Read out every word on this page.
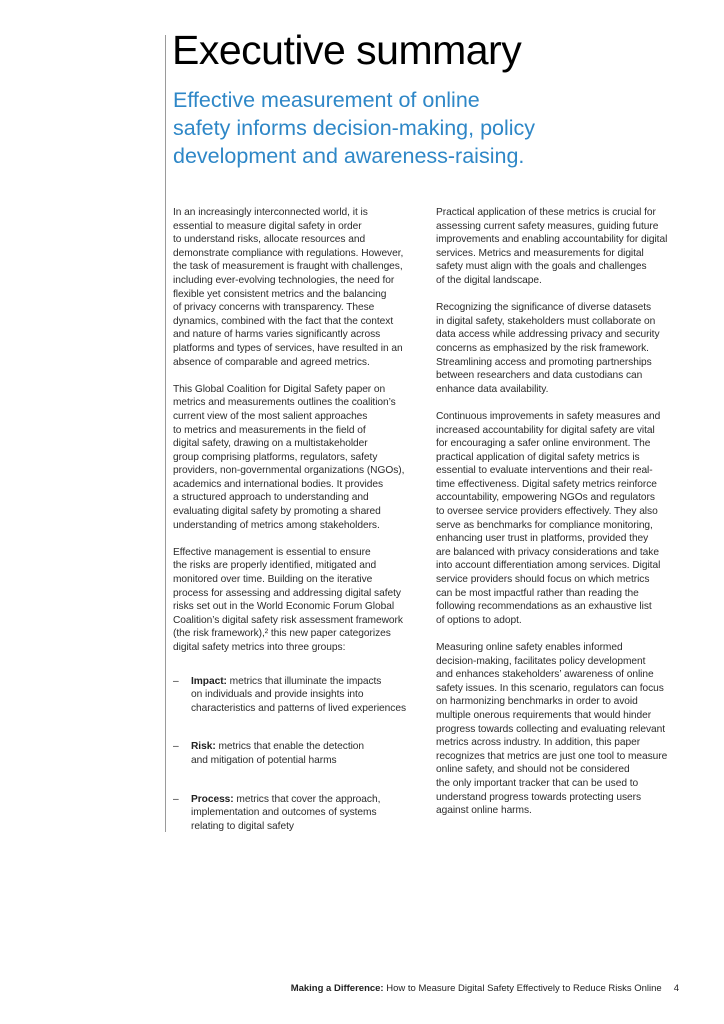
Executive summary
Effective measurement of online
safety informs decision-making, policy
development and awareness-raising.
In an increasingly interconnected world, it is
essential to measure digital safety in order
to understand risks, allocate resources and
demonstrate compliance with regulations. However,
the task of measurement is fraught with challenges,
including ever-evolving technologies, the need for
flexible yet consistent metrics and the balancing
of privacy concerns with transparency. These
dynamics, combined with the fact that the context
and nature of harms varies significantly across
platforms and types of services, have resulted in an
absence of comparable and agreed metrics.
This Global Coalition for Digital Safety paper on
metrics and measurements outlines the coalition’s
current view of the most salient approaches
to metrics and measurements in the field of
digital safety, drawing on a multistakeholder
group comprising platforms, regulators, safety
providers, non-governmental organizations (NGOs),
academics and international bodies. It provides
a structured approach to understanding and
evaluating digital safety by promoting a shared
understanding of metrics among stakeholders.
Effective management is essential to ensure
the risks are properly identified, mitigated and
monitored over time. Building on the iterative
process for assessing and addressing digital safety
risks set out in the World Economic Forum Global
Coalition’s digital safety risk assessment framework
(the risk framework),² this new paper categorizes
digital safety metrics into three groups:
– Impact: metrics that illuminate the impacts
on individuals and provide insights into
characteristics and patterns of lived experiences
– Risk: metrics that enable the detection
and mitigation of potential harms
– Process: metrics that cover the approach,
implementation and outcomes of systems
relating to digital safety
Practical application of these metrics is crucial for
assessing current safety measures, guiding future
improvements and enabling accountability for digital
services. Metrics and measurements for digital
safety must align with the goals and challenges
of the digital landscape.
Recognizing the significance of diverse datasets
in digital safety, stakeholders must collaborate on
data access while addressing privacy and security
concerns as emphasized by the risk framework.
Streamlining access and promoting partnerships
between researchers and data custodians can
enhance data availability.
Continuous improvements in safety measures and
increased accountability for digital safety are vital
for encouraging a safer online environment. The
practical application of digital safety metrics is
essential to evaluate interventions and their real-
time effectiveness. Digital safety metrics reinforce
accountability, empowering NGOs and regulators
to oversee service providers effectively. They also
serve as benchmarks for compliance monitoring,
enhancing user trust in platforms, provided they
are balanced with privacy considerations and take
into account differentiation among services. Digital
service providers should focus on which metrics
can be most impactful rather than reading the
following recommendations as an exhaustive list
of options to adopt.
Measuring online safety enables informed
decision-making, facilitates policy development
and enhances stakeholders’ awareness of online
safety issues. In this scenario, regulators can focus
on harmonizing benchmarks in order to avoid
multiple onerous requirements that would hinder
progress towards collecting and evaluating relevant
metrics across industry. In addition, this paper
recognizes that metrics are just one tool to measure
online safety, and should not be considered
the only important tracker that can be used to
understand progress towards protecting users
against online harms.
Making a Difference: How to Measure Digital Safety Effectively to Reduce Risks Online 4
